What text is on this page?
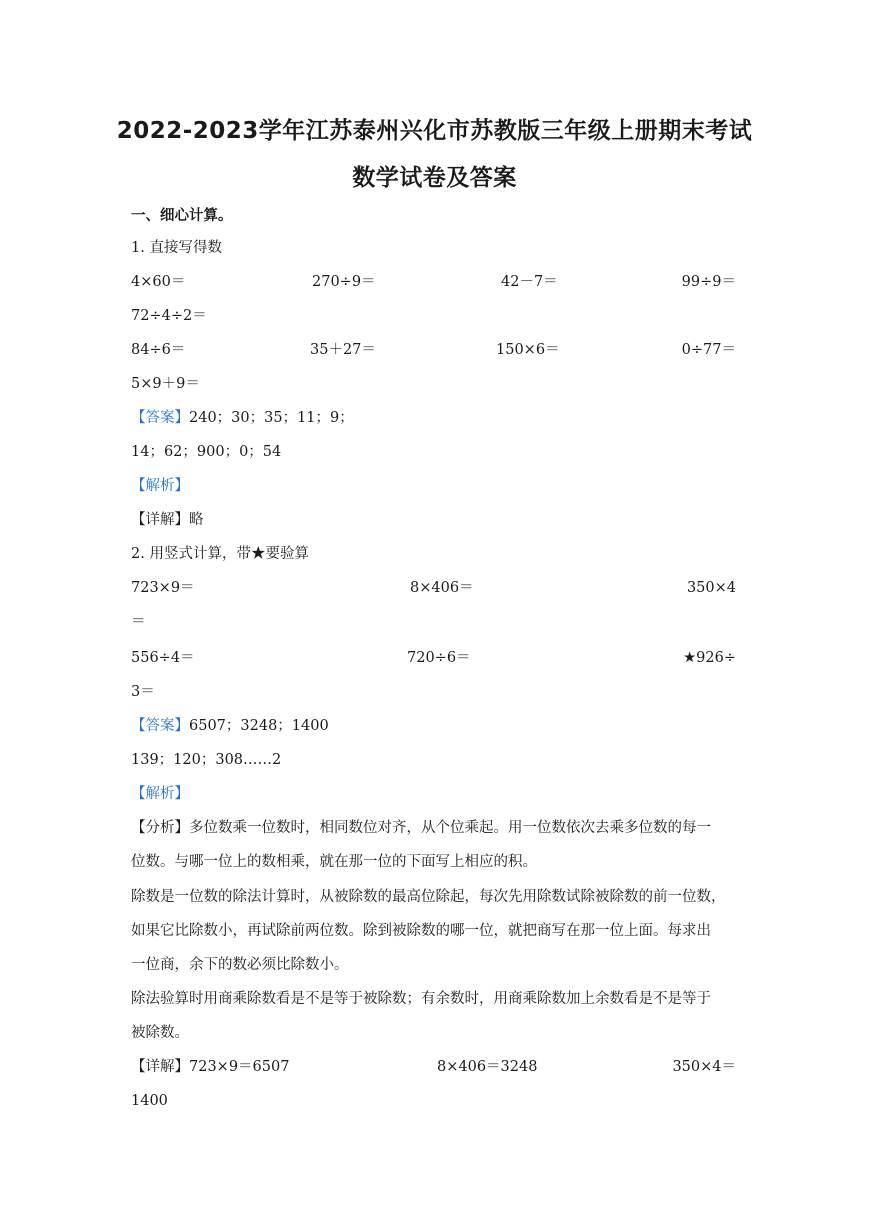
2022-2023学年江苏泰州兴化市苏教版三年级上册期末考试
数学试卷及答案
一、细心计算。
1. 直接写得数
4×60＝	270÷9＝	42－7＝	99÷9＝
72÷4÷2＝
84÷6＝	35＋27＝	150×6＝	0÷77＝
5×9＋9＝
【答案】240；30；35；11；9；
14；62；900；0；54
【解析】
【详解】略
2. 用竖式计算，带★要验算
723×9＝	8×406＝	350×4
＝
556÷4＝	720÷6＝	★926÷
3＝
【答案】6507；3248；1400
139；120；308……2
【解析】
【分析】多位数乘一位数时，相同数位对齐，从个位乘起。用一位数依次去乘多位数的每一
位数。与哪一位上的数相乘，就在那一位的下面写上相应的积。
除数是一位数的除法计算时，从被除数的最高位除起，每次先用除数试除被除数的前一位数，
如果它比除数小，再试除前两位数。除到被除数的哪一位，就把商写在那一位上面。每求出
一位商，余下的数必须比除数小。
除法验算时用商乘除数看是不是等于被除数；有余数时，用商乘除数加上余数看是不是等于
被除数。
【详解】723×9＝6507	8×406＝3248	350×4＝
1400
